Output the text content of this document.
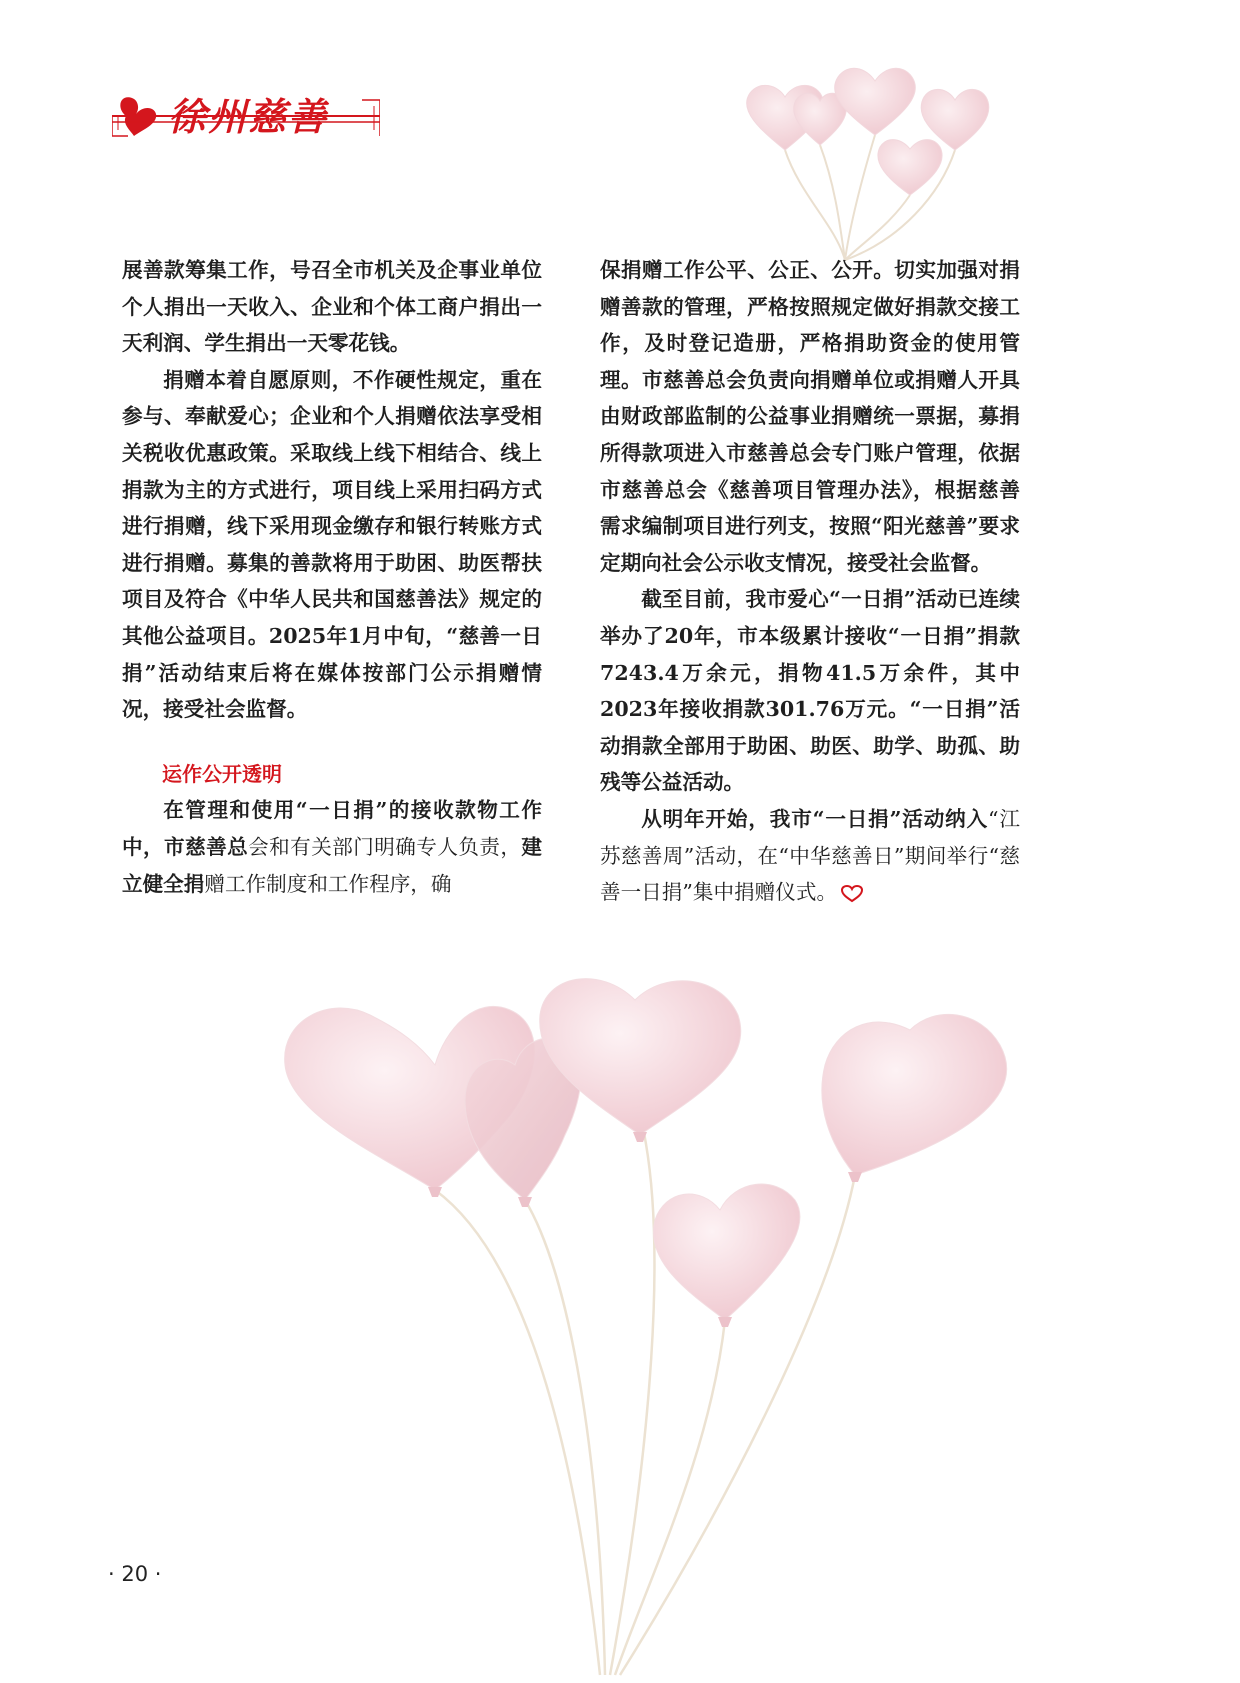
徐州慈善

展善款筹集工作，号召全市机关及企事业单位个人捐出一天收入、企业和个体工商户捐出一天利润、学生捐出一天零花钱。

捐赠本着自愿原则，不作硬性规定，重在参与、奉献爱心；企业和个人捐赠依法享受相关税收优惠政策。采取线上线下相结合、线上捐款为主的方式进行，项目线上采用扫码方式进行捐赠，线下采用现金缴存和银行转账方式进行捐赠。募集的善款将用于助困、助医帮扶项目及符合《中华人民共和国慈善法》规定的其他公益项目。2025年1月中旬，“慈善一日捐”活动结束后将在媒体按部门公示捐赠情况，接受社会监督。

运作公开透明

在管理和使用“一日捐”的接收款物工作中，市慈善总会和有关部门明确专人负责，建立健全捐赠工作制度和工作程序，确

保捐赠工作公平、公正、公开。切实加强对捐赠善款的管理，严格按照规定做好捐款交接工作，及时登记造册，严格捐助资金的使用管理。市慈善总会负责向捐赠单位或捐赠人开具由财政部监制的公益事业捐赠统一票据，募捐所得款项进入市慈善总会专门账户管理，依据市慈善总会《慈善项目管理办法》，根据慈善需求编制项目进行列支，按照“阳光慈善”要求定期向社会公示收支情况，接受社会监督。

截至目前，我市爱心“一日捐”活动已连续举办了20年，市本级累计接收“一日捐”捐款7243.4万余元，捐物41.5万余件，其中2023年接收捐款301.76万元。“一日捐”活动捐款全部用于助困、助医、助学、助孤、助残等公益活动。

从明年开始，我市“一日捐”活动纳入“江苏慈善周”活动，在“中华慈善日”期间举行“慈善一日捐”集中捐赠仪式。

· 20 ·
